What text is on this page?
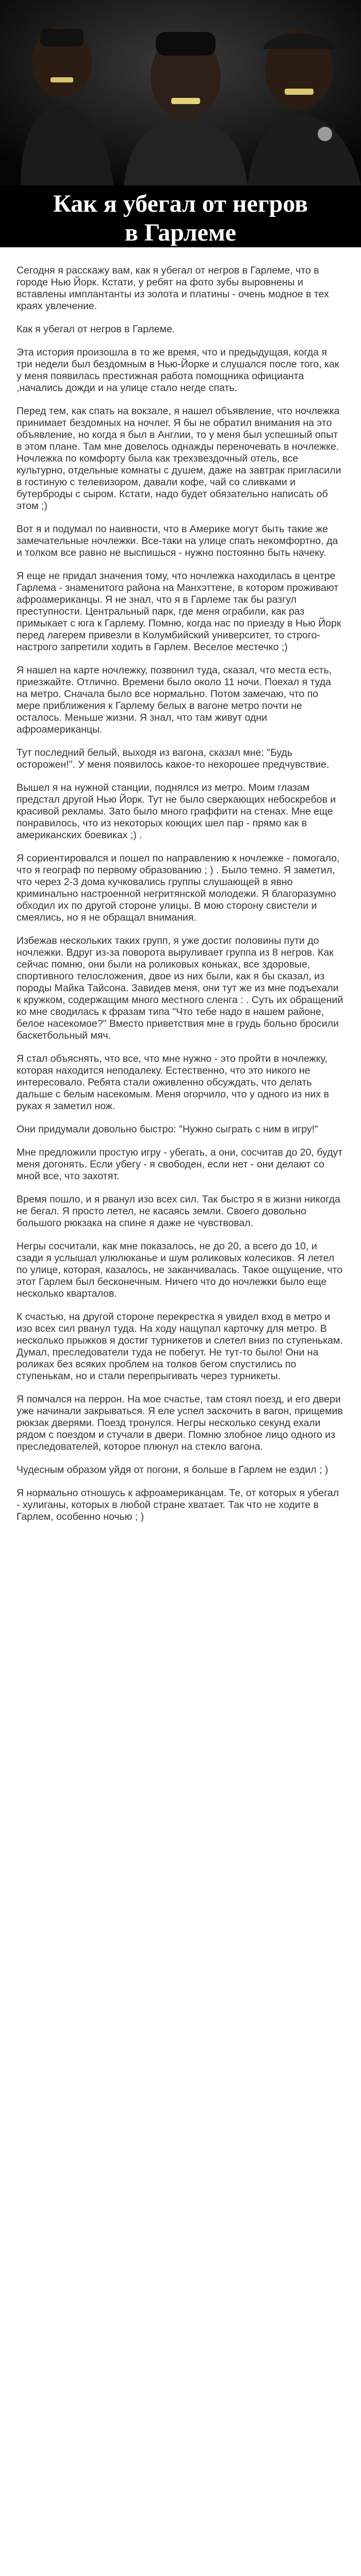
Как я убегал от негров
в Гарлеме

Сегодня я расскажу вам, как я убегал от негров в Гарлеме, что в городе Нью Йорк. Кстати, у ребят на фото зубы выровнены и вставлены имплантанты из золота и платины - очень модное в тех краях увлечение.

Как я убегал от негров в Гарлеме.

Эта история произошла в то же время, что и предыдущая, когда я три недели был бездомным в Нью-Йорке и слушался после того, как у меня появилась престижная работа помощника официанта ,начались дожди и на улице стало негде спать.

Перед тем, как спать на вокзале, я нашел объявление, что ночлежка принимает бездомных на ночлег. Я бы не обратил внимания на это объявление, но когда я был в Англии, то у меня был успешный опыт в этом плане. Там мне довелось однажды переночевать в ночлежке. Ночлежка по комфорту была как трехзвездочный отель, все культурно, отдельные комнаты с душем, даже на завтрак пригласили в гостиную с телевизором, давали кофе, чай со сливками и бутерброды с сыром. Кстати, надо будет обязательно написать об этом ;)

Вот я и подумал по наивности, что в Америке могут быть такие же замечательные ночлежки. Все-таки на улице спать некомфортно, да и толком все равно не выспишься - нужно постоянно быть начеку.

Я еще не придал значения тому, что ночлежка находилась в центре Гарлема - знаменитого района на Манхэттене, в котором проживают афроамериканцы. Я не знал, что я в Гарлеме так бы разгул преступности. Центральный парк, где меня ограбили, как раз примыкает с юга к Гарлему. Помню, когда нас по приезду в Нью Йорк перед лагерем привезли в Колумбийский университет, то строго-настрого запретили ходить в Гарлем. Веселое местечко ;)

Я нашел на карте ночлежку, позвонил туда, сказал, что места есть, приезжайте. Отлично. Времени было около 11 ночи. Поехал я туда на метро. Сначала было все нормально. Потом замечаю, что по мере приближения к Гарлему белых в вагоне метро почти не осталось. Меньше жизни. Я знал, что там живут одни афроамериканцы.

Тут последний белый, выходя из вагона, сказал мне: "Будь осторожен!". У меня появилось какое-то нехорошее предчувствие.

Вышел я на нужной станции, поднялся из метро. Моим глазам предстал другой Нью Йорк. Тут не было сверкающих небоскребов и красивой рекламы. Зато было много граффити на стенах. Мне еще понравилось, что из некоторых коющих шел пар - прямо как в американских боевиках ;) .

Я сориентировался и пошел по направлению к ночлежке - помогало, что я географ по первому образованию ; ) . Было темно. Я заметил, что через 2-3 дома кучковались группы слушающей в явно криминально настроенной негритянской молодежи. Я благоразумно обходил их по другой стороне улицы. В мою сторону свистели и смеялись, но я не обращал внимания.

Избежав нескольких таких групп, я уже достиг половины пути до ночлежки. Вдруг из-за поворота выруливает группа из 8 негров. Как сейчас помню, они были на роликовых коньках, все здоровые, спортивного телосложения, двое из них были, как я бы сказал, из породы Майка Тайсона. Завидев меня, они тут же из мне подъехали к кружком, содержащим много местного сленга : . Суть их обращений ко мне сводилась к фразам типа "Что тебе надо в нашем районе, белое насекомое?" Вместо приветствия мне в грудь больно бросили баскетбольный мяч.

Я стал объяснять, что все, что мне нужно - это пройти в ночлежку, которая находится неподалеку. Естественно, что это никого не интересовало. Ребята стали оживленно обсуждать, что делать дальше с белым насекомым. Меня огорчило, что у одного из них в руках я заметил нож.

Они придумали довольно быстро: "Нужно сыграть с ним в игру!"

Мне предложили простую игру - убегать, а они, сосчитав до 20, будут меня догонять. Если убегу - я свободен, если нет - они делают со мной все, что захотят.

Время пошло, и я рванул изо всех сил. Так быстро я в жизни никогда не бегал. Я просто летел, не касаясь земли. Своего довольно большого рюкзака на спине я даже не чувствовал.

Негры сосчитали, как мне показалось, не до 20, а всего до 10, и сзади я услышал улюлюканье и шум роликовых колесиков. Я летел по улице, которая, казалось, не заканчивалась. Такое ощущение, что этот Гарлем был бесконечным. Ничего что до ночлежки было еще несколько кварталов.

К счастью, на другой стороне перекрестка я увидел вход в метро и изо всех сил рванул туда. На ходу нащупал карточку для метро. В несколько прыжков я достиг турникетов и слетел вниз по ступенькам. Думал, преследователи туда не побегут. Не тут-то было! Они на роликах без всяких проблем на толков бегом спустились по ступенькам, но и стали перепрыгивать через турникеты.

Я помчался на перрон. На мое счастье, там стоял поезд, и его двери уже начинали закрываться. Я еле успел заскочить в вагон, прищемив рюкзак дверями. Поезд тронулся. Негры несколько секунд ехали рядом с поездом и стучали в двери. Помню злобное лицо одного из преследователей, которое плюнул на стекло вагона.

Чудесным образом уйдя от погони, я больше в Гарлем не ездил ; )

Я нормально отношусь к афроамериканцам. Те, от которых я убегал - хулиганы, которых в любой стране хватает. Так что не ходите в Гарлем, особенно ночью ; )
